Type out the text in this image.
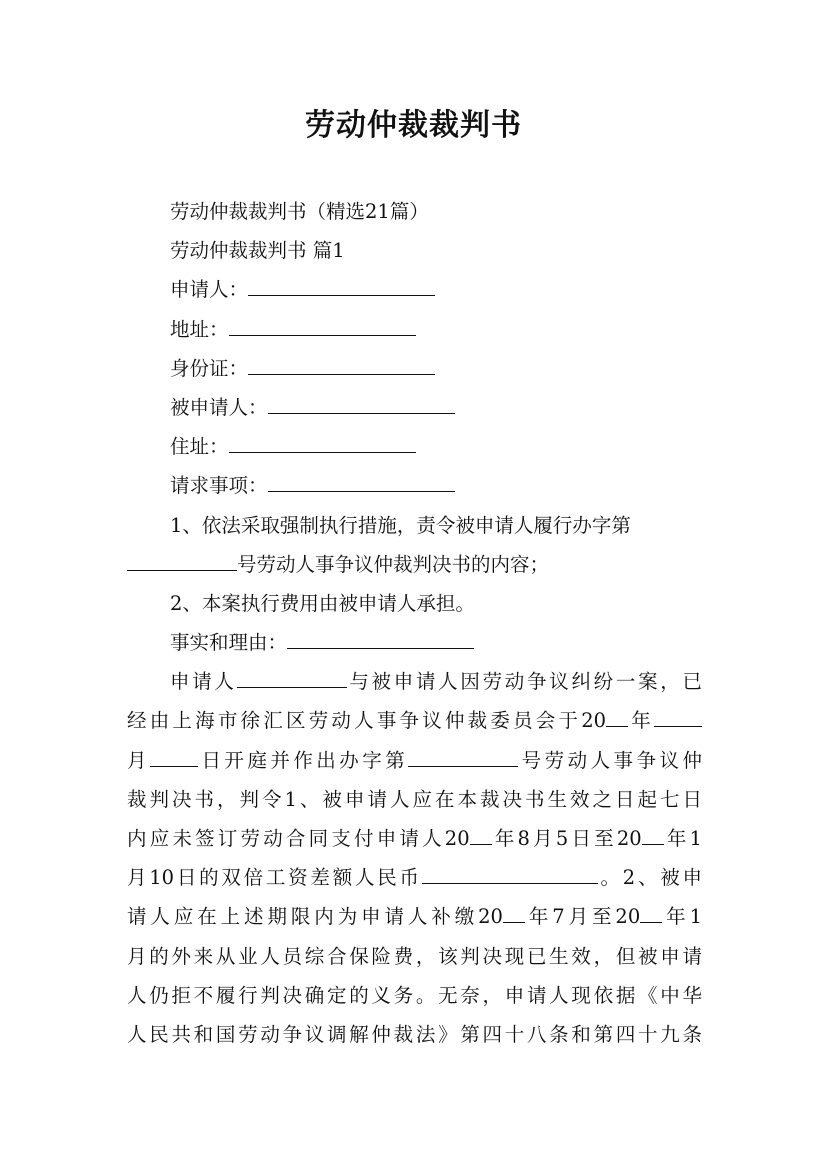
劳动仲裁裁判书
劳动仲裁裁判书（精选21篇）
劳动仲裁裁判书 篇1
申请人：
地址：
身份证：
被申请人：
住址：
请求事项：
1、依法采取强制执行措施，责令被申请人履行办字第
号劳动人事争议仲裁判决书的内容；
2、本案执行费用由被申请人承担。
事实和理由：
申请人	与被申请人因劳动争议纠纷一案，已
经由上海市徐汇区劳动人事争议仲裁委员会于20 年
月 日开庭并作出办字第	号劳动人事争议仲
裁判决书，判令1、被申请人应在本裁决书生效之日起七日
内应未签订劳动合同支付申请人20 年8月5日至20 年1
月10日的双倍工资差额人民币	。2、被申
请人应在上述期限内为申请人补缴20 年7月至20 年1
月的外来从业人员综合保险费，该判决现已生效，但被申请
人仍拒不履行判决确定的义务。无奈，申请人现依据《中华
人民共和国劳动争议调解仲裁法》第四十八条和第四十九条
